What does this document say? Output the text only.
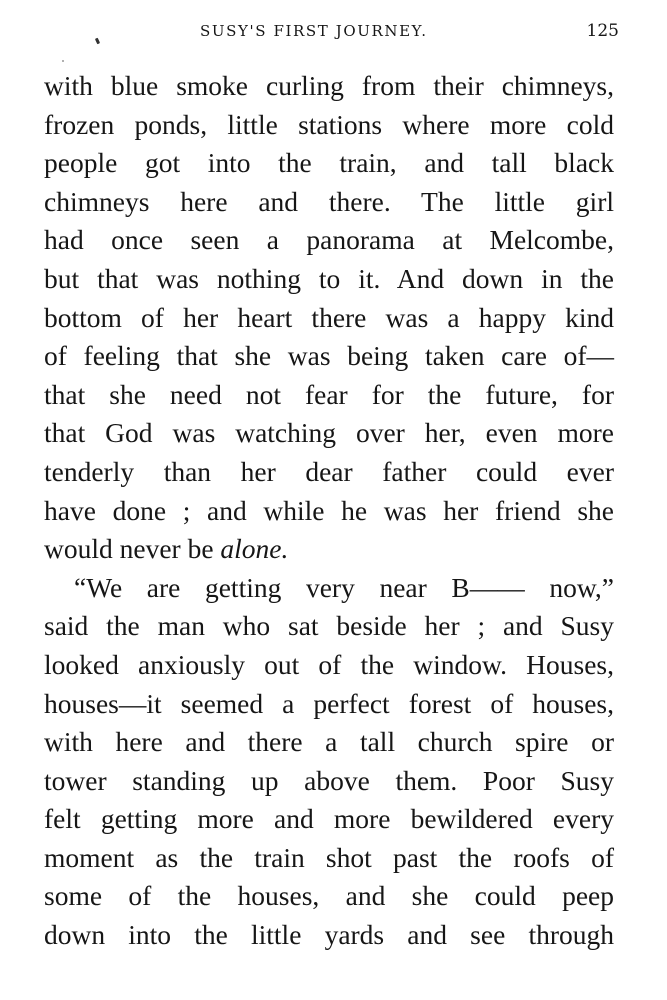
SUSY'S FIRST JOURNEY.	125
with blue smoke curling from their chimneys,
frozen ponds, little stations where more cold
people got into the train, and tall black
chimneys here and there. The little girl
had once seen a panorama at Melcombe,
but that was nothing to it. And down in the
bottom of her heart there was a happy kind
of feeling that she was being taken care of—
that she need not fear for the future, for
that God was watching over her, even more
tenderly than her dear father could ever
have done ; and while he was her friend she
would never be alone.
“We are getting very near B—— now,”
said the man who sat beside her ; and Susy
looked anxiously out of the window. Houses,
houses—it seemed a perfect forest of houses,
with here and there a tall church spire or
tower standing up above them. Poor Susy
felt getting more and more bewildered every
moment as the train shot past the roofs of
some of the houses, and she could peep
down into the little yards and see through
